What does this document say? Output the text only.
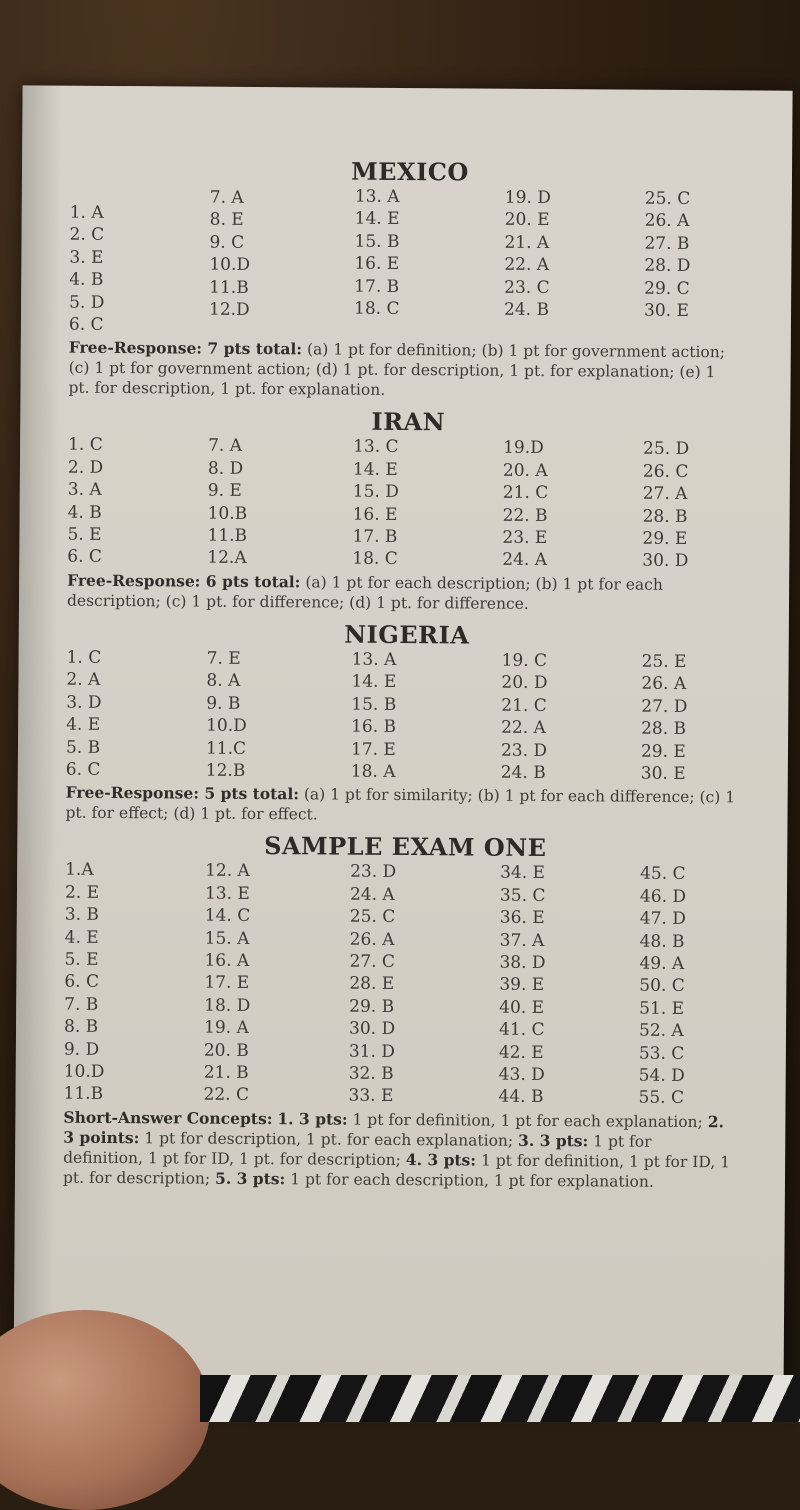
MEXICO
1. A
2. C
3. E
4. B
5. D
6. C
7. A
8. E
9. C
10.D
11.B
12.D
13. A
14. E
15. B
16. E
17. B
18. C
19. D
20. E
21. A
22. A
23. C
24. B
25. C
26. A
27. B
28. D
29. C
30. E

Free-Response: 7 pts total: (a) 1 pt for definition; (b) 1 pt for government action; (c) 1 pt for government action; (d) 1 pt. for description, 1 pt. for explanation; (e) 1 pt. for description, 1 pt. for explanation.

IRAN
1. C
2. D
3. A
4. B
5. E
6. C
7. A
8. D
9. E
10.B
11.B
12.A
13. C
14. E
15. D
16. E
17. B
18. C
19.D
20. A
21. C
22. B
23. E
24. A
25. D
26. C
27. A
28. B
29. E
30. D

Free-Response: 6 pts total: (a) 1 pt for each description; (b) 1 pt for each description; (c) 1 pt. for difference; (d) 1 pt. for difference.

NIGERIA
1. C
2. A
3. D
4. E
5. B
6. C
7. E
8. A
9. B
10.D
11.C
12.B
13. A
14. E
15. B
16. B
17. E
18. A
19. C
20. D
21. C
22. A
23. D
24. B
25. E
26. A
27. D
28. B
29. E
30. E

Free-Response: 5 pts total: (a) 1 pt for similarity; (b) 1 pt for each difference; (c) 1 pt. for effect; (d) 1 pt. for effect.

SAMPLE EXAM ONE
1.A
2. E
3. B
4. E
5. E
6. C
7. B
8. B
9. D
10.D
11.B
12. A
13. E
14. C
15. A
16. A
17. E
18. D
19. A
20. B
21. B
22. C
23. D
24. A
25. C
26. A
27. C
28. E
29. B
30. D
31. D
32. B
33. E
34. E
35. C
36. E
37. A
38. D
39. E
40. E
41. C
42. E
43. D
44. B
45. C
46. D
47. D
48. B
49. A
50. C
51. E
52. A
53. C
54. D
55. C

Short-Answer Concepts: 1. 3 pts: 1 pt for definition, 1 pt for each explanation; 2. 3 points: 1 pt for description, 1 pt. for each explanation; 3. 3 pts: 1 pt for definition, 1 pt for ID, 1 pt. for description; 4. 3 pts: 1 pt for definition, 1 pt for ID, 1 pt. for description; 5. 3 pts: 1 pt for each description, 1 pt for explanation.
